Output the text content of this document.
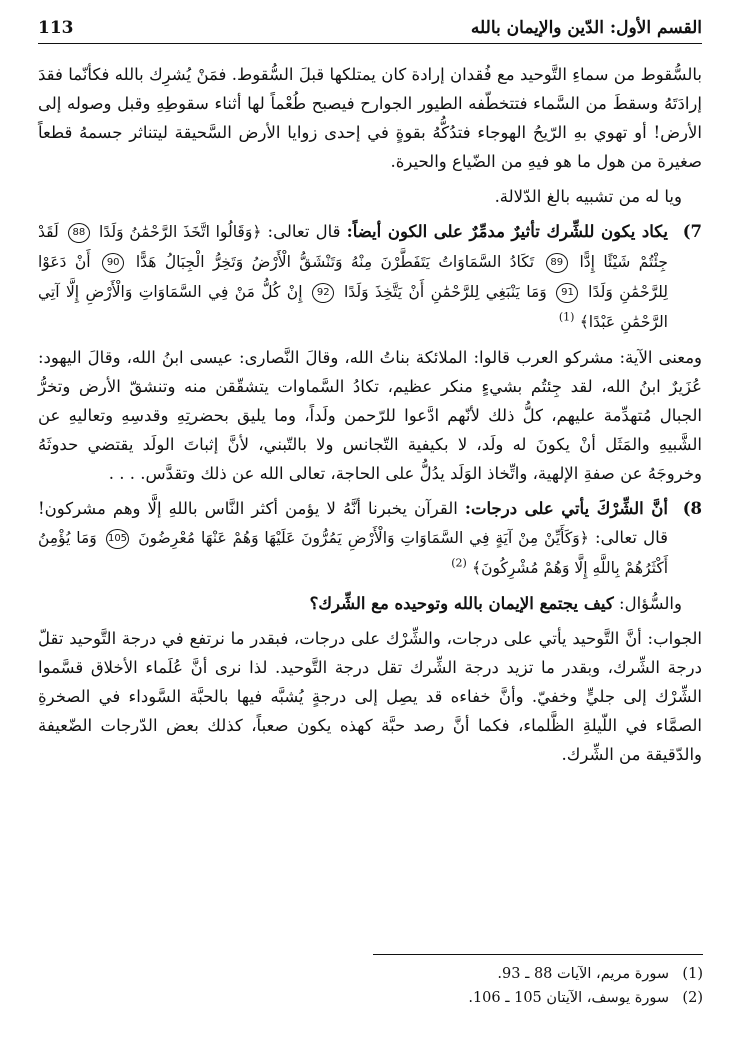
القسم الأول: الدّين والإيمان بالله
113

بالسُّقوط من سماءِ التَّوحيد مع فُقدان إرادة كان يمتلكها قبلَ السُّقوط. فمَنْ يُشرِك بالله فكأنّما فقدَ إرادَتَهُ وسقطَ من السَّماء فتتخطّفه الطيور الجوارح فيصبح طُعْماً لها أثناء سقوطِهِ وقبل وصوله إلى الأرض! أو تهوي بهِ الرّيحُ الهوجاء فتدُكُّهُ بقوةٍ في إحدى زوايا الأرض السَّحيقة ليتناثر جسمهُ قطعاً صغيرة من هول ما هو فيهِ من الضّياع والحيرة.

ويا له من تشبيه بالغ الدّلالة.

7)
يكاد يكون للشِّرك تأثيرٌ مدمِّرٌ على الكون أيضاً: قال تعالى: ﴿وَقَالُوا اتَّخَذَ الرَّحْمَٰنُ وَلَدًا 88 لَقَدْ جِئْتُمْ شَيْئًا إِدًّا 89 تَكَادُ السَّمَاوَاتُ يَتَفَطَّرْنَ مِنْهُ وَتَنْشَقُّ الْأَرْضُ وَتَخِرُّ الْجِبَالُ هَدًّا 90 أَنْ دَعَوْا لِلرَّحْمَٰنِ وَلَدًا 91 وَمَا يَنْبَغِي لِلرَّحْمَٰنِ أَنْ يَتَّخِذَ وَلَدًا 92 إِنْ كُلُّ مَنْ فِي السَّمَاوَاتِ وَالْأَرْضِ إِلَّا آتِي الرَّحْمَٰنِ عَبْدًا﴾ $^{(1)}$

ومعنى الآية: مشركو العرب قالوا: الملائكة بناتُ الله، وقالَ النَّصارى: عيسى ابنُ الله، وقالَ اليهود: عُزَيرٌ ابنُ الله، لقد جِئتُم بشيءٍ منكر عظيم، تكادُ السَّماوات يتشقّقن منه وتنشقّ الأرض وتخرُّ الجبال مُتهدِّمة عليهم، كلُّ ذلك لأنّهم ادَّعوا للرّحمن ولَداً، وما يليق بحضرتِهِ وقدسِهِ وتعاليهِ عن الشَّبيهِ والمَثَل أنْ يكونَ له ولَد، لا بكيفية التّجانس ولا بالتّبني، لأنَّ إثباتَ الولَد يقتضي حدوثَهُ وخروجَهُ عن صفةِ الإلهية، واتِّخاذ الوَلَد يدُلُّ على الحاجة، تعالى الله عن ذلك وتقدَّس. . . .

8)
أنَّ الشِّرْكَ يأتي على درجات: القرآن يخبرنا أنَّهُ لا يؤمن أكثر النَّاس باللهِ إلَّا وهم مشركون! قال تعالى: ﴿وَكَأَيِّنْ مِنْ آيَةٍ فِي السَّمَاوَاتِ وَالْأَرْضِ يَمُرُّونَ عَلَيْهَا وَهُمْ عَنْهَا مُعْرِضُونَ 105 وَمَا يُؤْمِنُ أَكْثَرُهُمْ بِاللَّهِ إِلَّا وَهُمْ مُشْرِكُونَ﴾ $^{(2)}$

والسُّؤال: كيف يجتمع الإيمان بالله وتوحيده مع الشِّرك؟

الجواب: أنَّ التَّوحيد يأتي على درجات، والشِّرْك على درجات، فبقدر ما نرتفع في درجة التَّوحيد تقلّ درجة الشِّرك، وبقدر ما تزيد درجة الشِّرك تقل درجة التَّوحيد. لذا نرى أنَّ عُلَماء الأخلاق قسَّموا الشِّرْك إلى جليٍّ وخفيّ. وأنَّ خفاءه قد يصِل إلى درجةٍ يُشبَّه فيها بالحبَّة السَّوداء في الصخرةِ الصمَّاء في اللّيلةِ الظَّلماء، فكما أنَّ رصد حبَّة كهذه يكون صعباً، كذلك بعض الدّرجات الضّعيفة والدّقيقة من الشِّرك.

(1)
سورة مريم، الآيات 88 ـ 93.
(2)
سورة يوسف، الآيتان 105 ـ 106.
